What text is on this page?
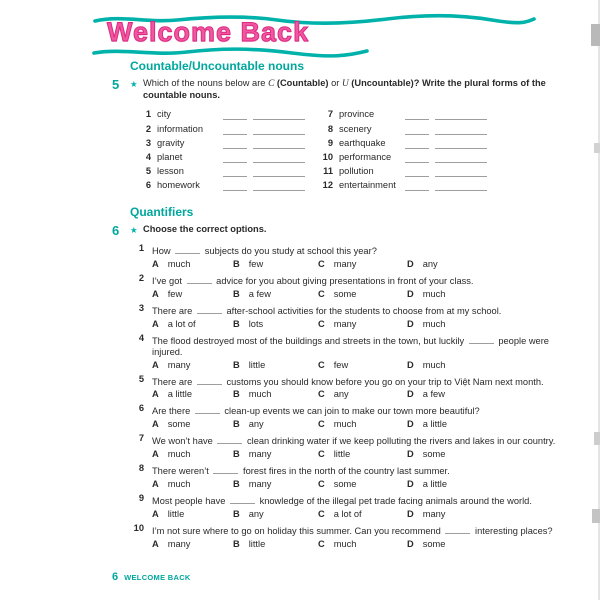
Welcome Back
Countable/Uncountable nouns
5	★ Which of the nouns below are C (Countable) or U (Uncountable)? Write the plural forms of the countable nouns.
1 city
2 information
3 gravity
4 planet
5 lesson
6 homework
7 province
8 scenery
9 earthquake
10 performance
11 pollution
12 entertainment
Quantifiers
6	★ Choose the correct options.
1 How	subjects do you study at school this year?

A much	B few	C many	D any
2 I’ve got	advice for you about giving presentations in front of your class.

A few	B a few	C some	D much
3 There are	after-school activities for the students to choose from at my school.

A a lot of	B lots	C many	D much
4 The flood destroyed most of the buildings and streets in the town, but luckily	people were injured.

A many	B little	C few	D much
5 There are	customs you should know before you go on your trip to Việt Nam next month.

A a little	B much	C any	D a few
6 Are there	clean-up events we can join to make our town more beautiful?

A some	B any	C much	D a little
7 We won’t have	clean drinking water if we keep polluting the rivers and lakes in our country.

A much	B many	C little	D some
8 There weren’t	forest fires in the north of the country last summer.

A much	B many	C some	D a little
9 Most people have	knowledge of the illegal pet trade facing animals around the world.

A little	B any	C a lot of	D many
10 I’m not sure where to go on holiday this summer. Can you recommend	interesting places?

A many	B little	C much	D some
6 WELCOME BACK
